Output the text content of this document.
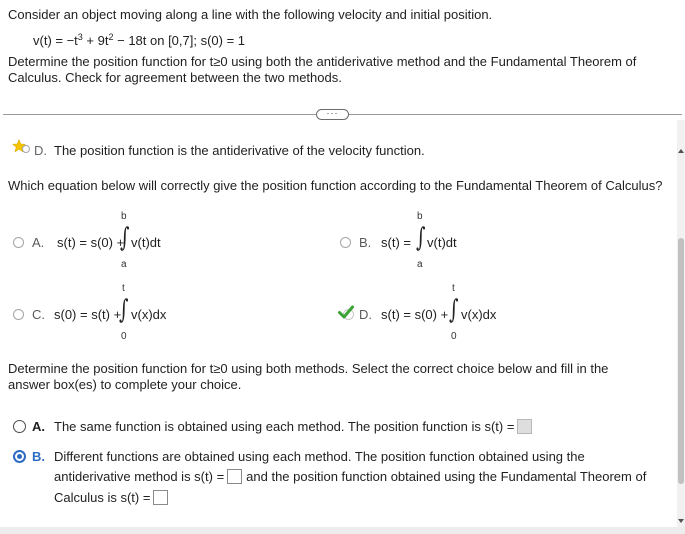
Consider an object moving along a line with the following velocity and initial position.
$v(t) = -t^3 + 9t^2 - 18t$ on [0,7]; s(0) = 1
Determine the position function for t≥0 using both the antiderivative method and the Fundamental Theorem of
Calculus. Check for agreement between the two methods.
···
D. The position function is the antiderivative of the velocity function.
Which equation below will correctly give the position function according to the Fundamental Theorem of Calculus?
A. s(t) = s(0) +
b
∫
a
v(t)dt	B. s(t) =
b
∫
a
v(t)dt
C. s(0) = s(t) +
t
∫
0
v(x)dx	D. s(t) = s(0) +
t
∫
0
v(x)dx
Determine the position function for t≥0 using both methods. Select the correct choice below and fill in the
answer box(es) to complete your choice.
A. The same function is obtained using each method. The position function is s(t) =
B. Different functions are obtained using each method. The position function obtained using the
antiderivative method is s(t) = and the position function obtained using the Fundamental Theorem of
Calculus is s(t) =
